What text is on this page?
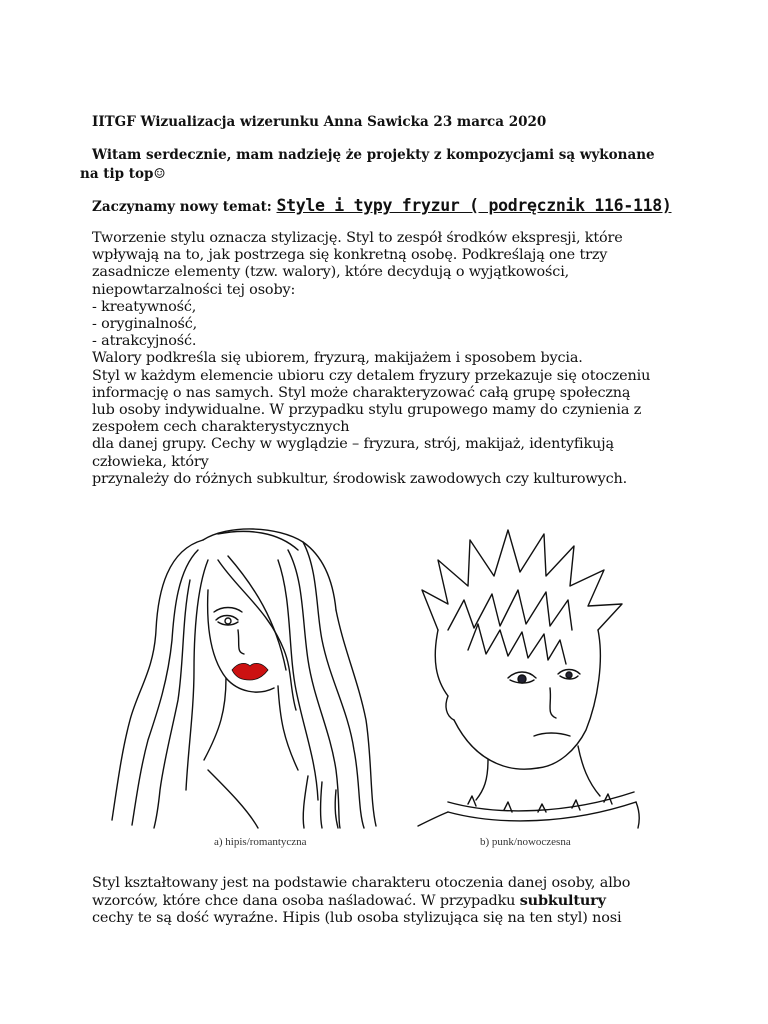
IITGF Wizualizacja wizerunku Anna Sawicka 23 marca 2020
Witam serdecznie, mam nadzieję że projekty z kompozycjami są wykonane
na tip top☺
Zaczynamy nowy temat: Style i typy fryzur ( podręcznik 116-118)
Tworzenie stylu oznacza stylizację. Styl to zespół środków ekspresji, które
wpływają na to, jak postrzega się konkretną osobę. Podkreślają one trzy
zasadnicze elementy (tzw. walory), które decydują o wyjątkowości,
niepowtarzalności tej osoby:
- kreatywność,
- oryginalność,
- atrakcyjność.
Walory podkreśla się ubiorem, fryzurą, makijażem i sposobem bycia.
Styl w każdym elemencie ubioru czy detalem fryzury przekazuje się otoczeniu
informację o nas samych. Styl może charakteryzować całą grupę społeczną
lub osoby indywidualne. W przypadku stylu grupowego mamy do czynienia z
zespołem cech charakterystycznych
dla danej grupy. Cechy w wyglądzie – fryzura, strój, makijaż, identyfikują
człowieka, który
przynależy do różnych subkultur, środowisk zawodowych czy kulturowych.
a) hipis/romantyczna	b) punk/nowoczesna
Styl kształtowany jest na podstawie charakteru otoczenia danej osoby, albo
wzorców, które chce dana osoba naśladować. W przypadku subkultury
cechy te są dość wyraźne. Hipis (lub osoba stylizująca się na ten styl) nosi
